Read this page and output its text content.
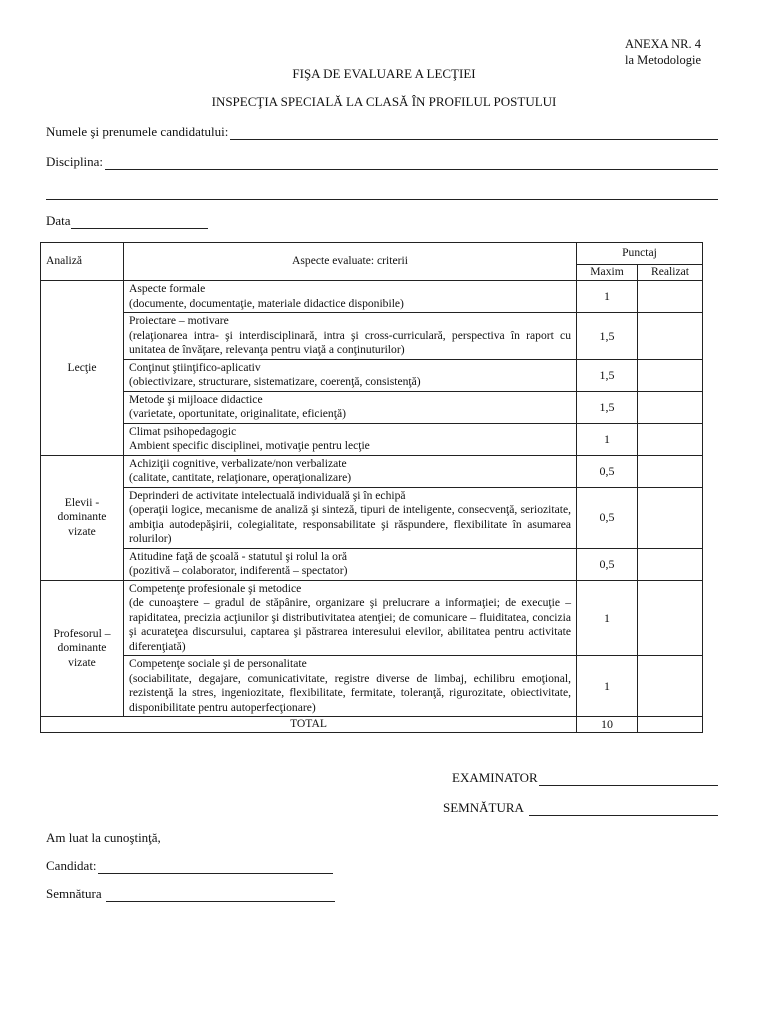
ANEXA NR. 4
la Metodologie
FIŞA DE EVALUARE A LECŢIEI
INSPECŢIA SPECIALĂ LA CLASĂ ÎN PROFILUL POSTULUI
Numele şi prenumele candidatului:
Disciplina:
Data
Analiză	Aspecte evaluate: criterii	Punctaj	
		Maxim	Realizat
Lecţie	Aspecte formale
(documente, documentaţie, materiale didactice disponibile)	1	

	Proiectare – motivare
(relaţionarea intra- şi interdisciplinară, intra şi cross-curriculară, perspectiva în raport cu unitatea de învăţare, relevanţa pentru viaţă a conţinuturilor)	1,5	

	Conţinut ştiinţifico-aplicativ
(obiectivizare, structurare, sistematizare, coerenţă, consistenţă)	1,5	

	Metode şi mijloace didactice
(varietate, oportunitate, originalitate, eficienţă)	1,5	

	Climat psihopedagogic
Ambient specific disciplinei, motivaţie pentru lecţie	1	
Elevii - dominante vizate	Achiziţii cognitive, verbalizate/non verbalizate
(calitate, cantitate, relaţionare, operaţionalizare)	0,5	

	Deprinderi de activitate intelectuală individuală şi în echipă
(operaţii logice, mecanisme de analiză şi sinteză, tipuri de inteligente, consecvenţă, seriozitate, ambiţia autodepăşirii, colegialitate, responsabilitate şi răspundere, flexibilitate în asumarea rolurilor)	0,5	

	Atitudine faţă de şcoală - statutul şi rolul la oră
(pozitivă – colaborator, indiferentă – spectator)	0,5	
Profesorul – dominante vizate	Competenţe profesionale şi metodice
(de cunoaştere – gradul de stăpânire, organizare şi prelucrare a informaţiei; de execuţie – rapiditatea, precizia acţiunilor şi distributivitatea atenţiei; de comunicare – fluiditatea, concizia şi acurateţea discursului, captarea şi păstrarea interesului elevilor, abilitatea pentru activitate diferenţiată)	1	

	Competenţe sociale şi de personalitate
(sociabilitate, degajare, comunicativitate, registre diverse de limbaj, echilibru emoţional, rezistenţă la stres, ingeniozitate, flexibilitate, fermitate, toleranţă, rigurozitate, obiectivitate, disponibilitate pentru autoperfecţionare)	1	
TOTAL		10	
EXAMINATOR
SEMNĂTURA
Am luat la cunoştinţă,
Candidat:
Semnătura
